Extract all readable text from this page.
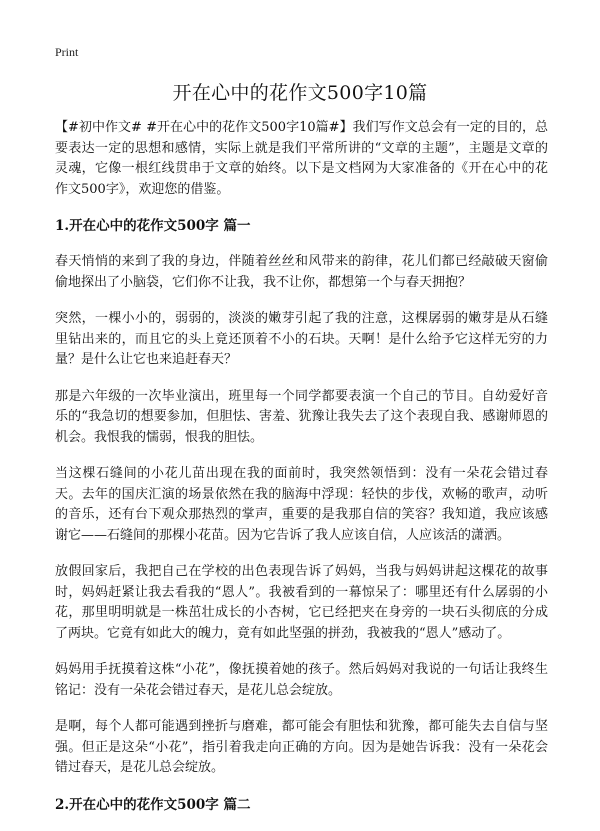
Print
开在心中的花作文500字10篇

【#初中作文# #开在心中的花作文500字10篇#】我们写作文总会有一定的目的，总要表达一定的思想和感情，实际上就是我们平常所讲的“文章的主题”，主题是文章的灵魂，它像一根红线贯串于文章的始终。以下是文档网为大家准备的《开在心中的花作文500字》，欢迎您的借鉴。

1.开在心中的花作文500字 篇一

春天悄悄的来到了我的身边，伴随着丝丝和风带来的韵律，花儿们都已经敲破天窗偷偷地探出了小脑袋，它们你不让我，我不让你，都想第一个与春天拥抱？

突然，一棵小小的，弱弱的，淡淡的嫩芽引起了我的注意，这棵孱弱的嫩芽是从石缝里钻出来的，而且它的头上竟还顶着不小的石块。天啊！是什么给予它这样无穷的力量？是什么让它也来追赶春天？

那是六年级的一次毕业演出，班里每一个同学都要表演一个自己的节目。自幼爱好音乐的“我急切的想要参加，但胆怯、害羞、犹豫让我失去了这个表现自我、感谢师恩的机会。我恨我的懦弱，恨我的胆怯。

当这棵石缝间的小花儿苗出现在我的面前时，我突然领悟到：没有一朵花会错过春天。去年的国庆汇演的场景依然在我的脑海中浮现：轻快的步伐，欢畅的歌声，动听的音乐，还有台下观众那热烈的掌声，重要的是我那自信的笑容？我知道，我应该感谢它——石缝间的那棵小花苗。因为它告诉了我人应该自信，人应该活的潇洒。

放假回家后，我把自己在学校的出色表现告诉了妈妈，当我与妈妈讲起这棵花的故事时，妈妈赶紧让我去看我的“恩人”。我被看到的一幕惊呆了：哪里还有什么孱弱的小花，那里明明就是一株茁壮成长的小杏树，它已经把夹在身旁的一块石头彻底的分成了两块。它竟有如此大的魄力，竟有如此坚强的拼劲，我被我的“恩人”感动了。

妈妈用手抚摸着这株“小花”，像抚摸着她的孩子。然后妈妈对我说的一句话让我终生铭记：没有一朵花会错过春天，是花儿总会绽放。

是啊，每个人都可能遇到挫折与磨难，都可能会有胆怯和犹豫，都可能失去自信与坚强。但正是这朵“小花”，指引着我走向正确的方向。因为是她告诉我：没有一朵花会错过春天，是花儿总会绽放。

2.开在心中的花作文500字 篇二
